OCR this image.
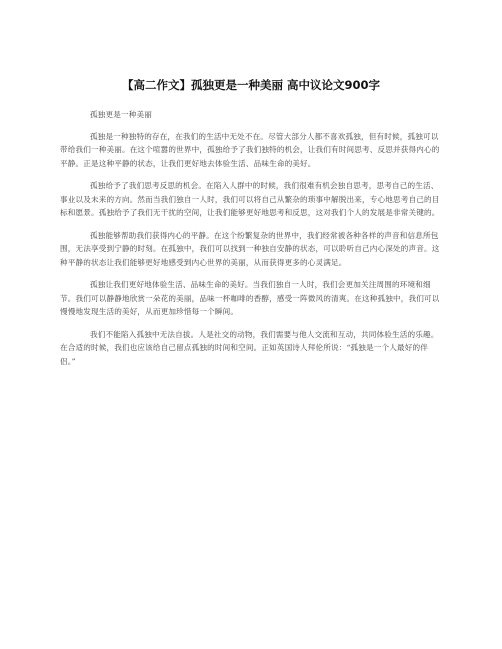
【高二作文】孤独更是一种美丽 高中议论文900字

孤独更是一种美丽

孤独是一种独特的存在，在我们的生活中无处不在。尽管大部分人都不喜欢孤独，但有时候，孤独可以带给我们一种美丽。在这个喧嚣的世界中，孤独给予了我们独特的机会，让我们有时间思考、反思并获得内心的平静。正是这种平静的状态，让我们更好地去体验生活、品味生命的美好。

孤独给予了我们思考反思的机会。在陷入人群中的时候，我们很难有机会独自思考，思考自己的生活、事业以及未来的方向。然而当我们独自一人时，我们可以将自己从繁杂的琐事中解脱出来，专心地思考自己的目标和愿景。孤独给予了我们无干扰的空间，让我们能够更好地思考和反思，这对我们个人的发展是非常关键的。

孤独能够帮助我们获得内心的平静。在这个纷繁复杂的世界中，我们经常被各种各样的声音和信息所包围，无法享受到宁静的时刻。在孤独中，我们可以找到一种独自安静的状态，可以聆听自己内心深处的声音。这种平静的状态让我们能够更好地感受到内心世界的美丽，从而获得更多的心灵满足。

孤独让我们更好地体验生活、品味生命的美好。当我们独自一人时，我们会更加关注周围的环境和细节。我们可以静静地欣赏一朵花的美丽，品味一杯咖啡的香醇，感受一阵微风的清爽。在这种孤独中，我们可以慢慢地发现生活的美好，从而更加珍惜每一个瞬间。

我们不能陷入孤独中无法自拔。人是社交的动物，我们需要与他人交流和互动，共同体验生活的乐趣。在合适的时候，我们也应该给自己留点孤独的时间和空间。正如英国诗人拜伦所说：“孤独是一个人最好的伴侣。”
